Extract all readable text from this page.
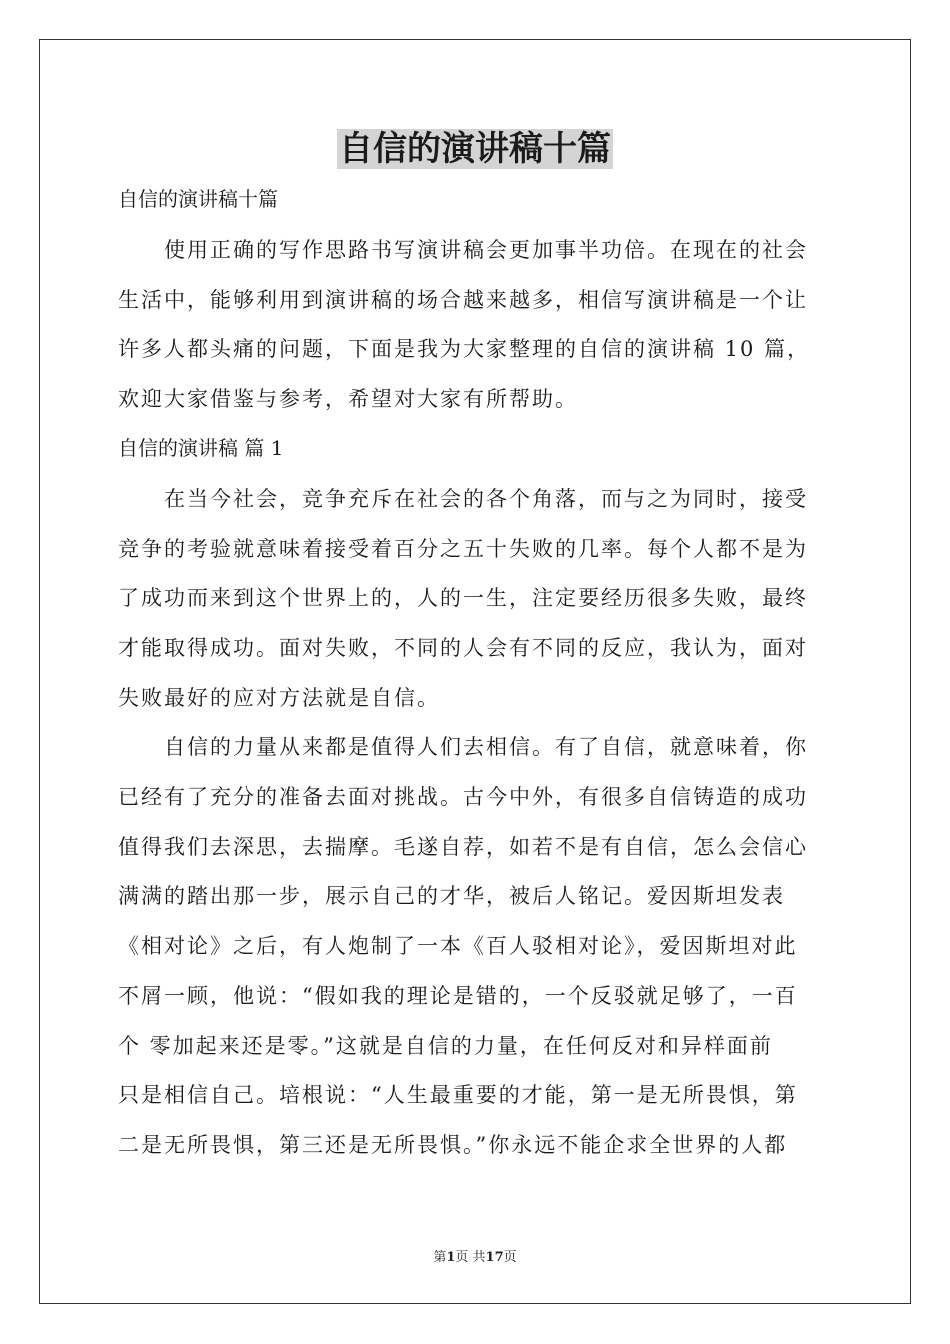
自信的演讲稿十篇

自信的演讲稿十篇

　　使用正确的写作思路书写演讲稿会更加事半功倍。在现在的社会

生活中，能够利用到演讲稿的场合越来越多，相信写演讲稿是一个让

许多人都头痛的问题，下面是我为大家整理的自信的演讲稿 10 篇，

欢迎大家借鉴与参考，希望对大家有所帮助。

自信的演讲稿 篇 1

　　在当今社会，竞争充斥在社会的各个角落，而与之为同时，接受

竞争的考验就意味着接受着百分之五十失败的几率。每个人都不是为

了成功而来到这个世界上的，人的一生，注定要经历很多失败，最终

才能取得成功。面对失败，不同的人会有不同的反应，我认为，面对

失败最好的应对方法就是自信。

　　自信的力量从来都是值得人们去相信。有了自信，就意味着，你

已经有了充分的准备去面对挑战。古今中外，有很多自信铸造的成功

值得我们去深思，去揣摩。毛遂自荐，如若不是有自信，怎么会信心

满满的踏出那一步，展示自己的才华，被后人铭记。爱因斯坦发表

《相对论》之后，有人炮制了一本《百人驳相对论》，爱因斯坦对此

不屑一顾，他说：“假如我的理论是错的，一个反驳就足够了，一百

个 零加起来还是零。”这就是自信的力量，在任何反对和异样面前

只是相信自己。培根说：“人生最重要的才能，第一是无所畏惧，第

二是无所畏惧，第三还是无所畏惧。”你永远不能企求全世界的人都

第1页 共17页
